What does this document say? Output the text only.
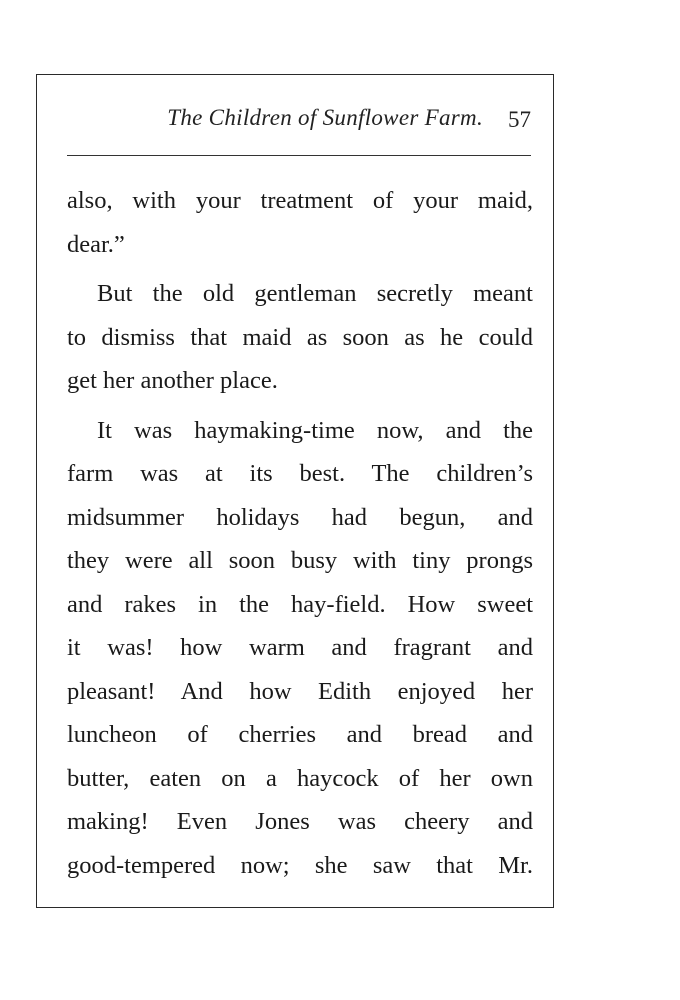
The Children of Sunflower Farm. 57
also, with your treatment of your maid,
dear.”
But the old gentleman secretly meant
to dismiss that maid as soon as he could
get her another place.
It was haymaking-time now, and the
farm was at its best. The children’s
midsummer holidays had begun, and
they were all soon busy with tiny prongs
and rakes in the hay-field. How sweet
it was! how warm and fragrant and
pleasant! And how Edith enjoyed her
luncheon of cherries and bread and
butter, eaten on a haycock of her own
making! Even Jones was cheery and
good-tempered now; she saw that Mr.
